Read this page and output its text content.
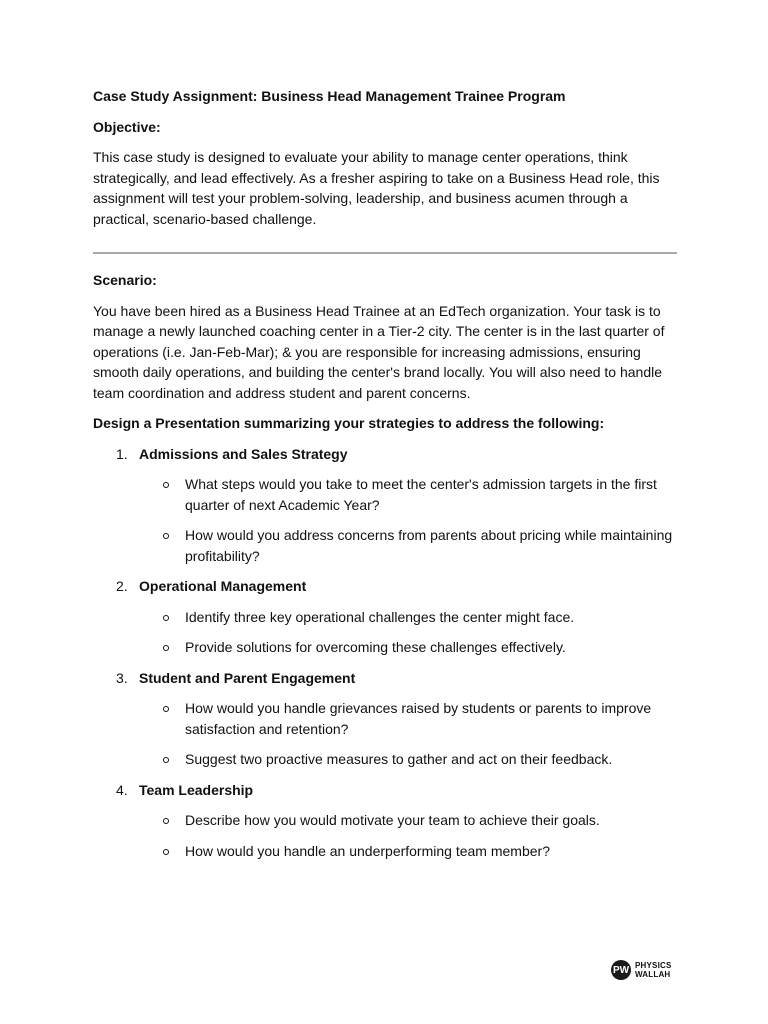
Case Study Assignment: Business Head Management Trainee Program

Objective:

This case study is designed to evaluate your ability to manage center operations, think strategically, and lead effectively. As a fresher aspiring to take on a Business Head role, this assignment will test your problem-solving, leadership, and business acumen through a practical, scenario-based challenge.

Scenario:

You have been hired as a Business Head Trainee at an EdTech organization. Your task is to manage a newly launched coaching center in a Tier-2 city. The center is in the last quarter of operations (i.e. Jan-Feb-Mar); & you are responsible for increasing admissions, ensuring smooth daily operations, and building the center's brand locally. You will also need to handle team coordination and address student and parent concerns.

Design a Presentation summarizing your strategies to address the following:

1. Admissions and Sales Strategy
What steps would you take to meet the center's admission targets in the first quarter of next Academic Year?
How would you address concerns from parents about pricing while maintaining profitability?
2. Operational Management
Identify three key operational challenges the center might face.
Provide solutions for overcoming these challenges effectively.
3. Student and Parent Engagement
How would you handle grievances raised by students or parents to improve satisfaction and retention?
Suggest two proactive measures to gather and act on their feedback.
4. Team Leadership
Describe how you would motivate your team to achieve their goals.
How would you handle an underperforming team member?
PW PHYSICS
WALLAH
